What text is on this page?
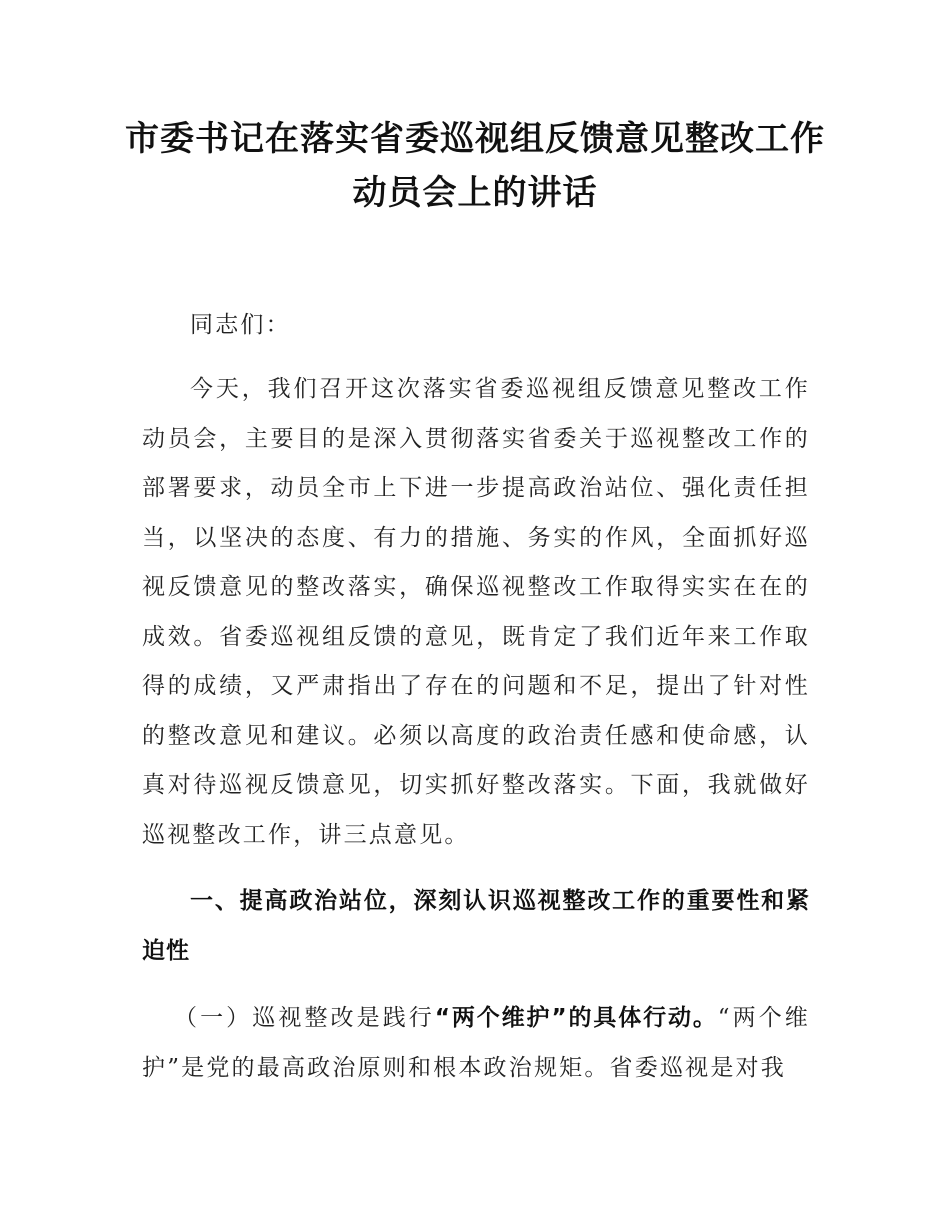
市委书记在落实省委巡视组反馈意见整改工作动员会上的讲话
同志们：
今天，我们召开这次落实省委巡视组反馈意见整改工作动员会，主要目的是深入贯彻落实省委关于巡视整改工作的部署要求，动员全市上下进一步提高政治站位、强化责任担当，以坚决的态度、有力的措施、务实的作风，全面抓好巡视反馈意见的整改落实，确保巡视整改工作取得实实在在的成效。省委巡视组反馈的意见，既肯定了我们近年来工作取得的成绩，又严肃指出了存在的问题和不足，提出了针对性的整改意见和建议。必须以高度的政治责任感和使命感，认真对待巡视反馈意见，切实抓好整改落实。下面，我就做好巡视整改工作，讲三点意见。
一、提高政治站位，深刻认识巡视整改工作的重要性和紧迫性
（一）巡视整改是践行“两个维护”的具体行动。“两个维护”是党的最高政治原则和根本政治规矩。省委巡视是对我
